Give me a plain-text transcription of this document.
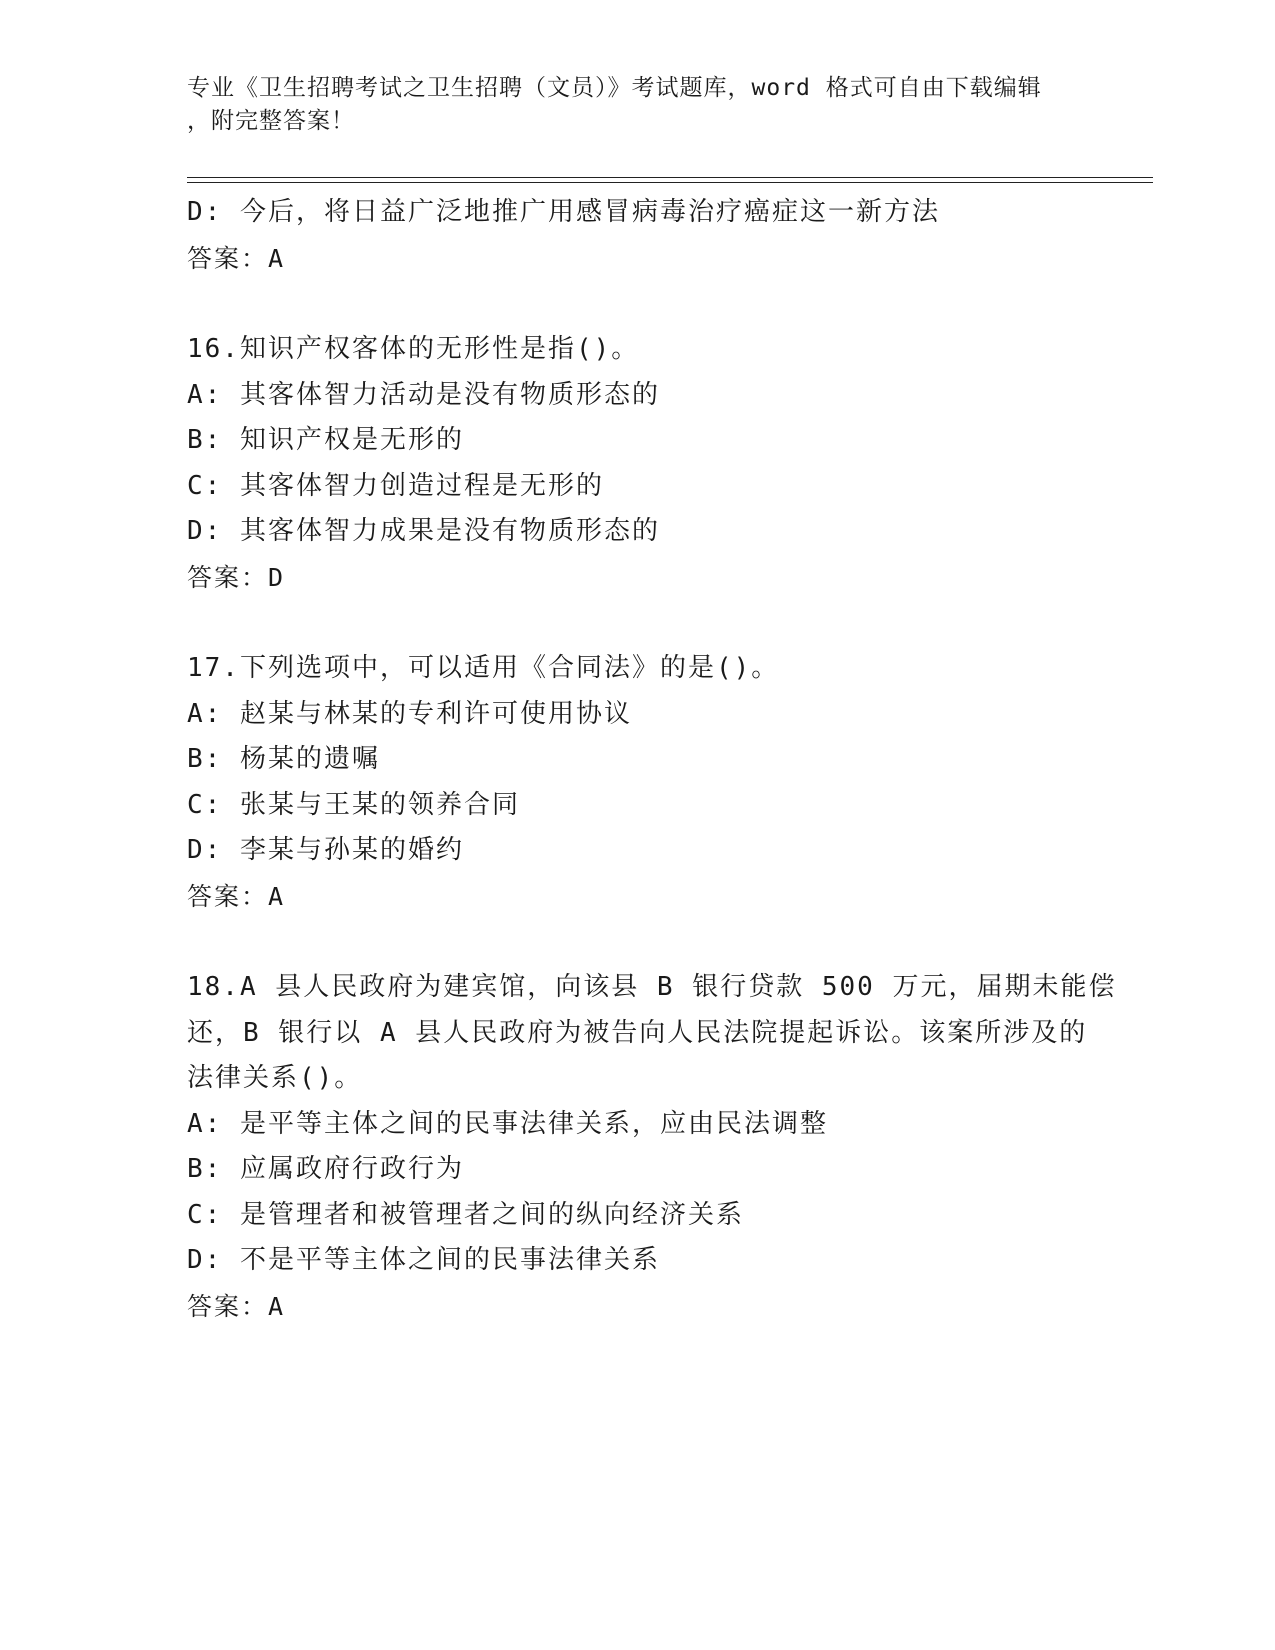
专业《卫生招聘考试之卫生招聘（文员）》考试题库，word 格式可自由下载编辑
，附完整答案！
D: 今后，将日益广泛地推广用感冒病毒治疗癌症这一新方法
答案：A
16.知识产权客体的无形性是指()。
A: 其客体智力活动是没有物质形态的
B: 知识产权是无形的
C: 其客体智力创造过程是无形的
D: 其客体智力成果是没有物质形态的
答案：D
17.下列选项中，可以适用《合同法》的是()。
A: 赵某与林某的专利许可使用协议
B: 杨某的遗嘱
C: 张某与王某的领养合同
D: 李某与孙某的婚约
答案：A
18.A 县人民政府为建宾馆，向该县 B 银行贷款 500 万元，届期未能偿
还，B 银行以 A 县人民政府为被告向人民法院提起诉讼。该案所涉及的
法律关系()。
A: 是平等主体之间的民事法律关系，应由民法调整
B: 应属政府行政行为
C: 是管理者和被管理者之间的纵向经济关系
D: 不是平等主体之间的民事法律关系
答案：A
